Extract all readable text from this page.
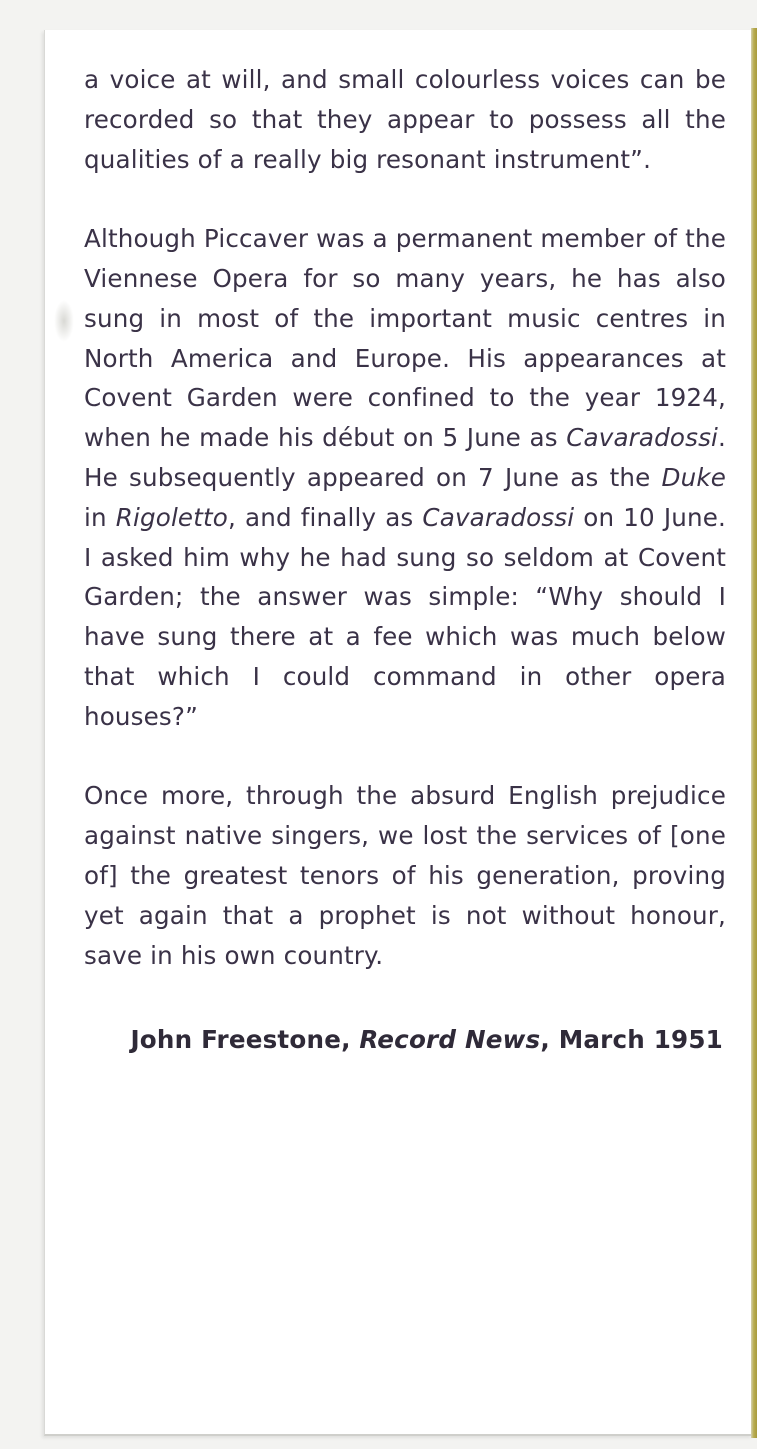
a voice at will, and small colourless voices can be recorded so that they appear to possess all the qualities of a really big resonant instrument”.

Although Piccaver was a permanent member of the Viennese Opera for so many years, he has also sung in most of the important music centres in North America and Europe. His appearances at Covent Garden were confined to the year 1924, when he made his début on 5 June as Cavaradossi. He subsequently appeared on 7 June as the Duke in Rigoletto, and finally as Cavaradossi on 10 June. I asked him why he had sung so seldom at Covent Garden; the answer was simple: “Why should I have sung there at a fee which was much below that which I could command in other opera houses?”

Once more, through the absurd English prejudice against native singers, we lost the services of [one of] the greatest tenors of his generation, proving yet again that a prophet is not without honour, save in his own country.

John Freestone, Record News, March 1951
